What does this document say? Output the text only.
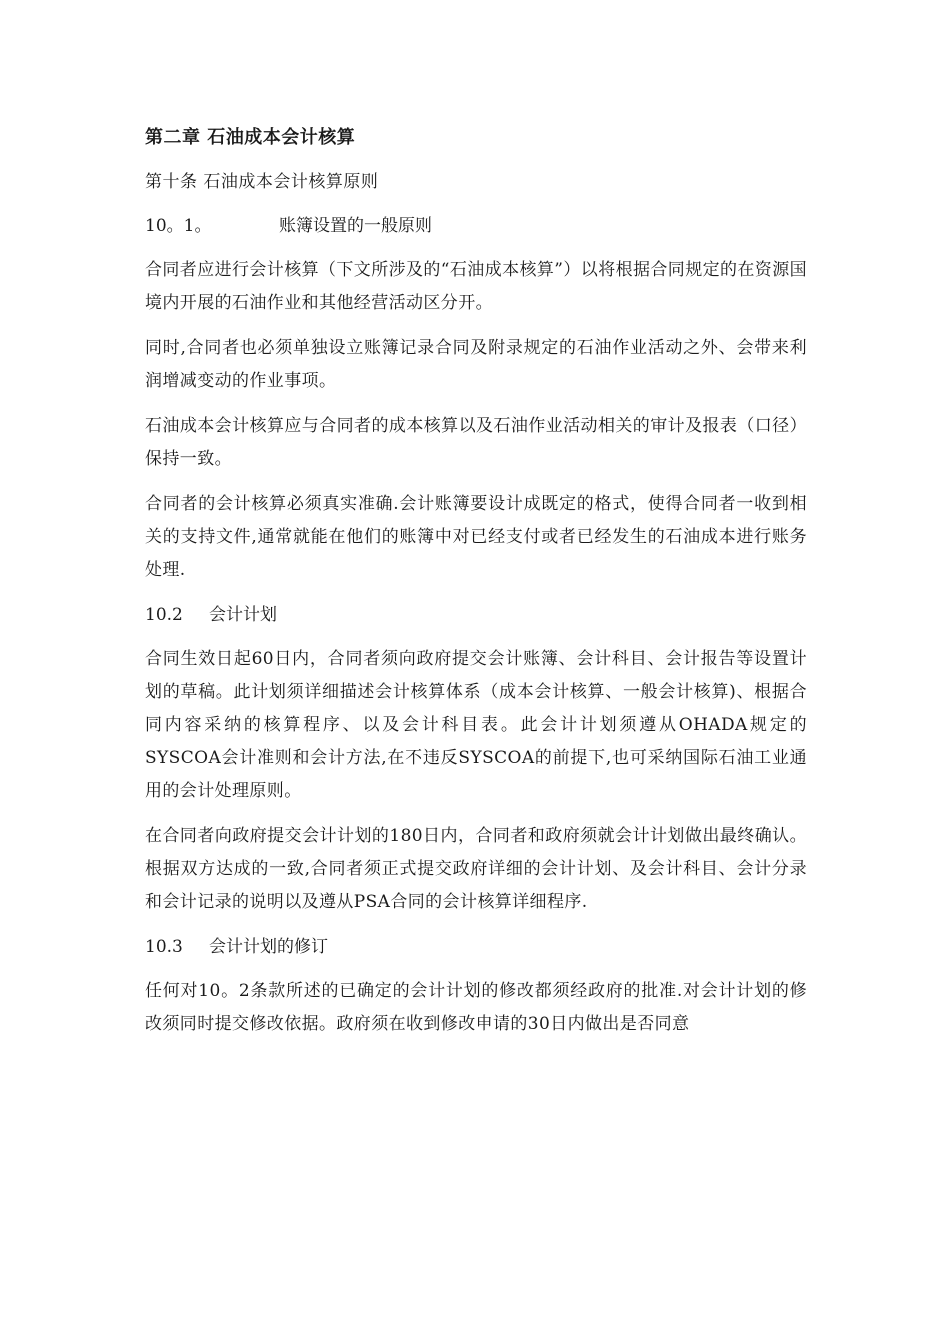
第二章 石油成本会计核算
第十条 石油成本会计核算原则
10。1。	账簿设置的一般原则

合同者应进行会计核算（下文所涉及的“石油成本核算”）以将根据合同规定的在资源国境内开展的石油作业和其他经营活动区分开。

同时,合同者也必须单独设立账簿记录合同及附录规定的石油作业活动之外、会带来利润增减变动的作业事项。

石油成本会计核算应与合同者的成本核算以及石油作业活动相关的审计及报表（口径）保持一致。

合同者的会计核算必须真实准确.会计账簿要设计成既定的格式，使得合同者一收到相关的支持文件,通常就能在他们的账簿中对已经支付或者已经发生的石油成本进行账务处理.

10.2 会计计划

合同生效日起60日内，合同者须向政府提交会计账簿、会计科目、会计报告等设置计划的草稿。此计划须详细描述会计核算体系（成本会计核算、一般会计核算)、根据合同内容采纳的核算程序、以及会计科目表。此会计计划须遵从OHADA规定的SYSCOA会计准则和会计方法,在不违反SYSCOA的前提下,也可采纳国际石油工业通用的会计处理原则。

在合同者向政府提交会计计划的180日内，合同者和政府须就会计计划做出最终确认。根据双方达成的一致,合同者须正式提交政府详细的会计计划、及会计科目、会计分录和会计记录的说明以及遵从PSA合同的会计核算详细程序.

10.3 会计计划的修订

任何对10。2条款所述的已确定的会计计划的修改都须经政府的批准.对会计计划的修改须同时提交修改依据。政府须在收到修改申请的30日内做出是否同意
